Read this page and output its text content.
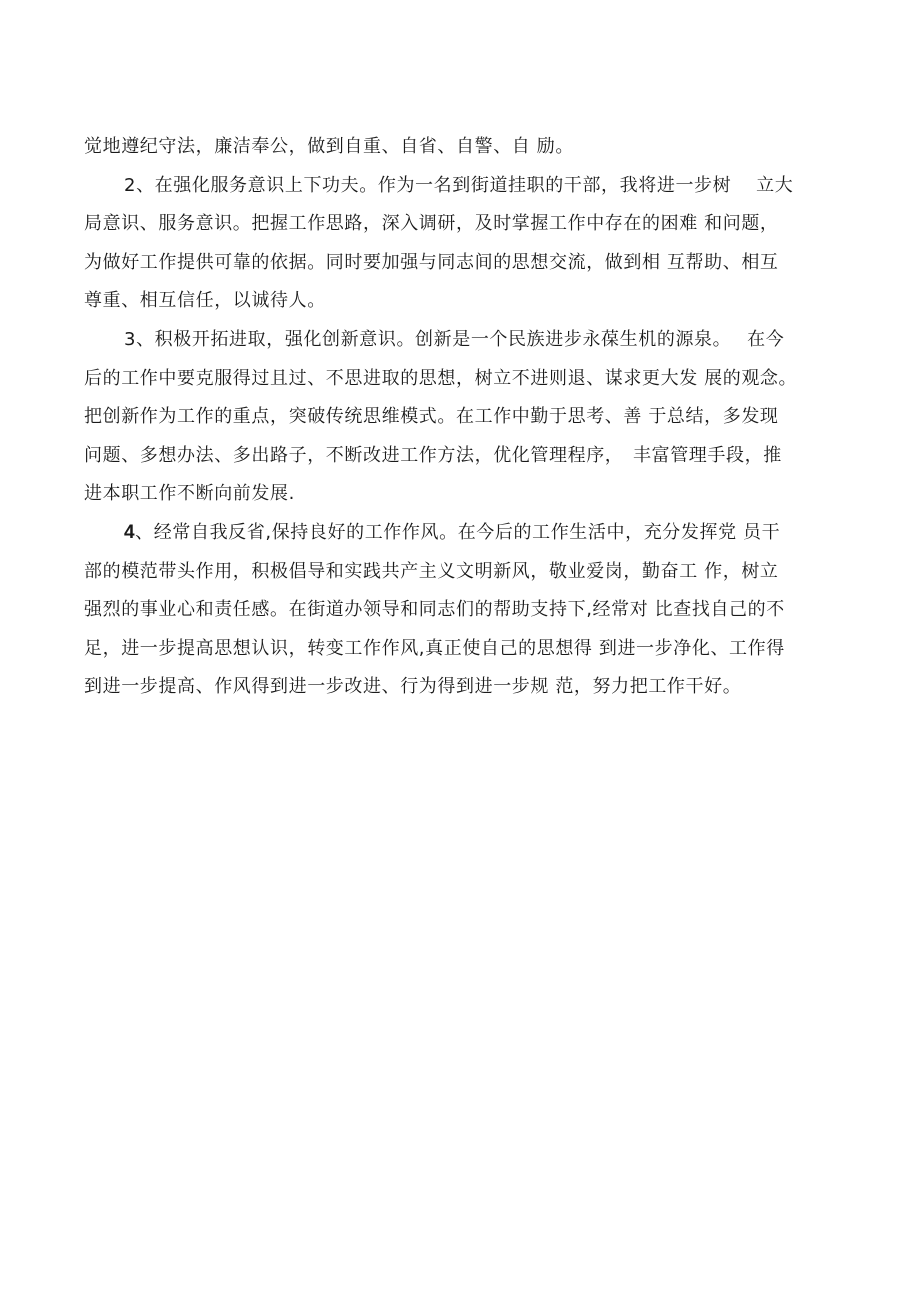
觉地遵纪守法，廉洁奉公，做到自重、自省、自警、自 励。
2、在强化服务意识上下功夫。作为一名到街道挂职的干部，我将进一步树　 立大
局意识、服务意识。把握工作思路，深入调研，及时掌握工作中存在的困难 和问题，
为做好工作提供可靠的依据。同时要加强与同志间的思想交流，做到相 互帮助、相互
尊重、相互信任，以诚待人。
3、积极开拓进取，强化创新意识。创新是一个民族进步永葆生机的源泉。　 在今
后的工作中要克服得过且过、不思进取的思想，树立不进则退、谋求更大发 展的观念。
把创新作为工作的重点，突破传统思维模式。在工作中勤于思考、善 于总结，多发现
问题、多想办法、多出路子，不断改进工作方法，优化管理程序，　丰富管理手段，推
进本职工作不断向前发展.
4、经常自我反省,保持良好的工作作风。在今后的工作生活中，充分发挥党 员干
部的模范带头作用，积极倡导和实践共产主义文明新风，敬业爱岗，勤奋工 作，树立
强烈的事业心和责任感。在街道办领导和同志们的帮助支持下,经常对 比查找自己的不
足，进一步提高思想认识，转变工作作风,真正使自己的思想得 到进一步净化、工作得
到进一步提高、作风得到进一步改进、行为得到进一步规 范，努力把工作干好。
